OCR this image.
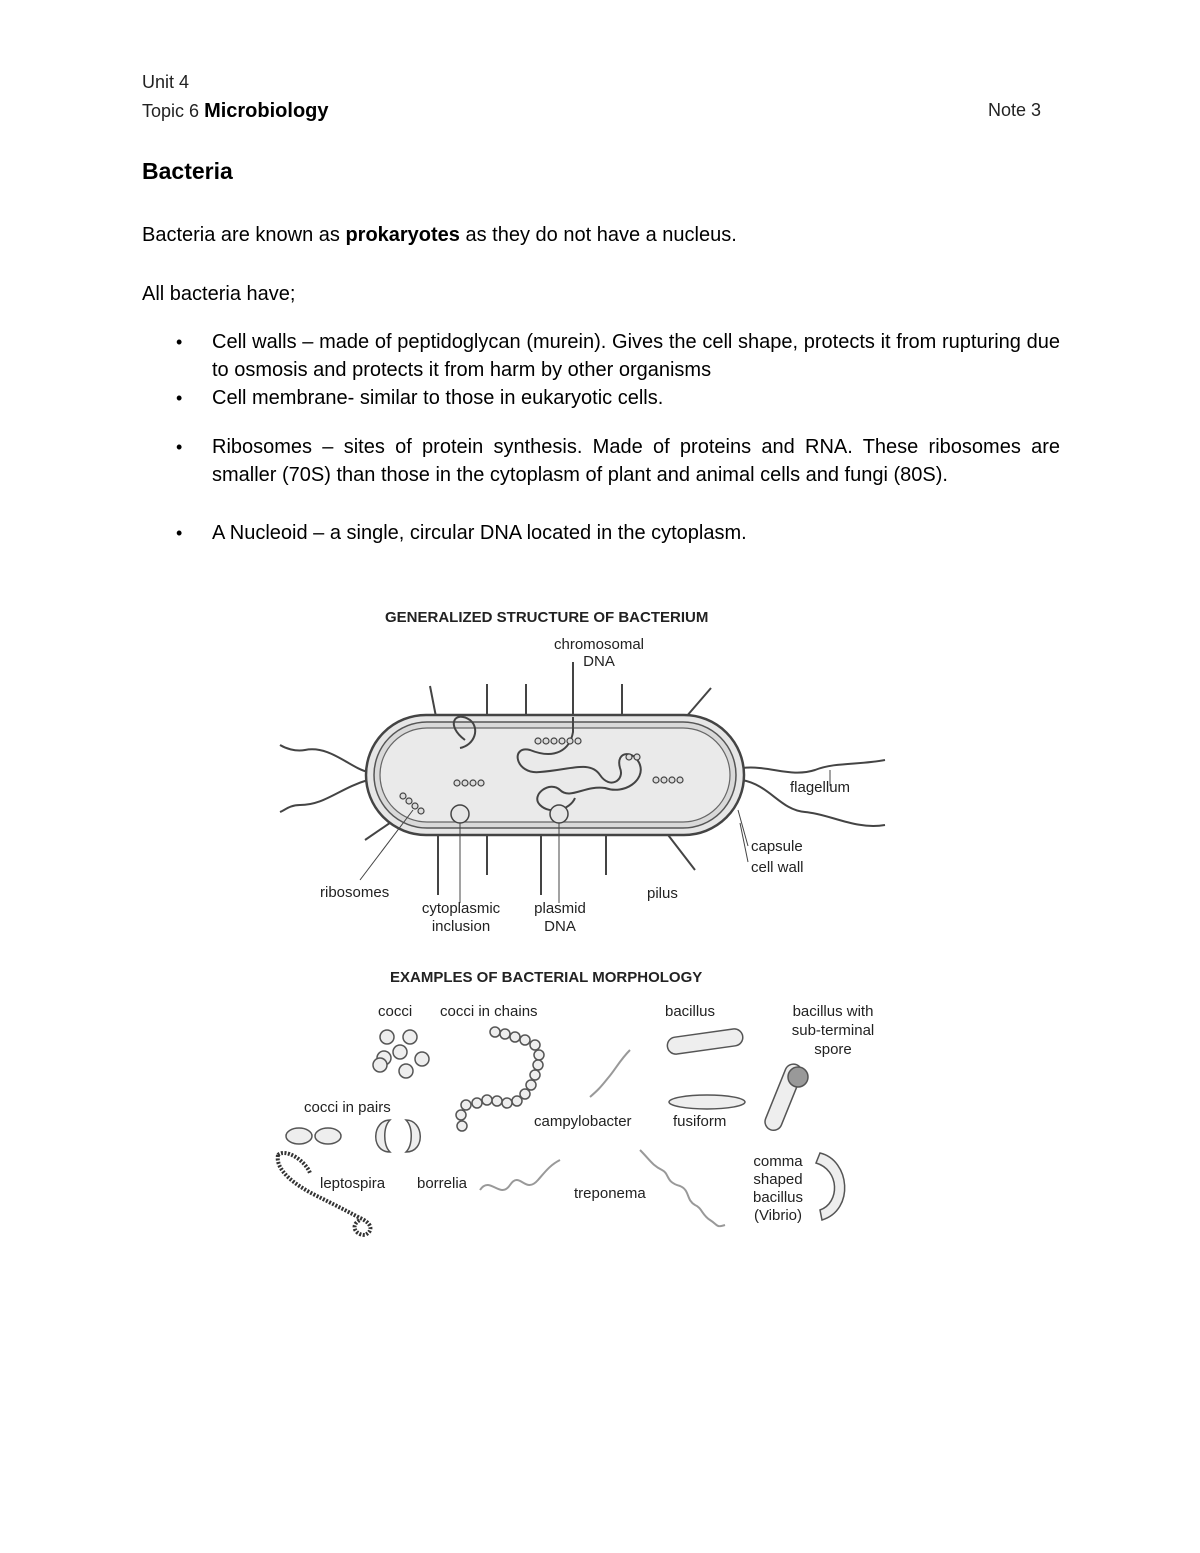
Unit 4
Topic 6 Microbiology	Note 3
Bacteria
Bacteria are known as prokaryotes as they do not have a nucleus.
All bacteria have;
• Cell walls – made of peptidoglycan (murein). Gives the cell shape, protects it from rupturing due to osmosis and protects it from harm by other organisms
• Cell membrane- similar to those in eukaryotic cells.
• Ribosomes – sites of protein synthesis. Made of proteins and RNA. These ribosomes are smaller (70S) than those in the cytoplasm of plant and animal cells and fungi (80S).
• A Nucleoid – a single, circular DNA located in the cytoplasm.
GENERALIZED STRUCTURE OF BACTERIUM
chromosomal
DNA
flagellum
capsule
cell wall
pilus
ribosomes
cytoplasmic
inclusion
plasmid
DNA
EXAMPLES OF BACTERIAL MORPHOLOGY
cocci cocci in chains	bacillus	bacillus with
sub-terminal
spore
cocci in pairs
campylobacter	fusiform
leptospira borrelia
treponema
comma
shaped
bacillus
(Vibrio)
